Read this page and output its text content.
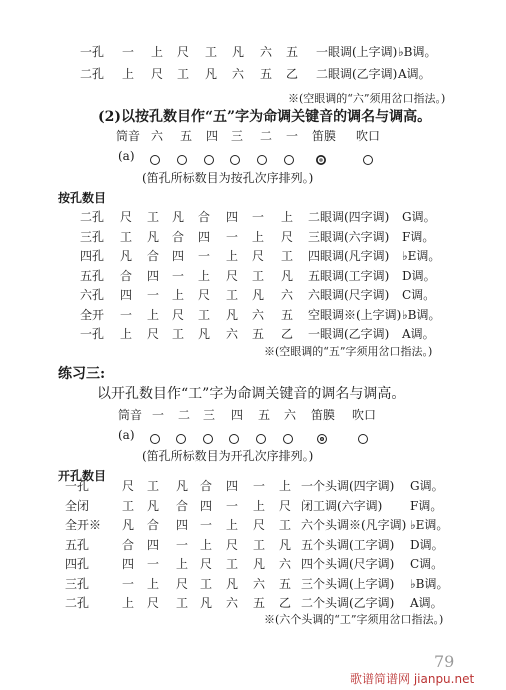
一孔 一 上 尺 工 凡 六 五 一眼调(上字调) ♭B调。
二孔 上 尺 工 凡 六 五 乙 二眼调(乙字调) A调。
※(空眼调的“六”须用岔口指法。)
(2)以按孔数目作“五”字为命调关键音的调名与调高。
筒音 六 五 四 三 二 一 笛膜 吹口
(a)
(笛孔所标数目为按孔次序排列。)
按孔数目
二孔 尺 工 凡 合 四 一 上 二眼调(四字调) G调。
三孔 工 凡 合 四 一 上 尺 三眼调(六字调) F调。
四孔 凡 合 四 一 上 尺 工 四眼调(凡字调) ♭E调。
五孔 合 四 一 上 尺 工 凡 五眼调(工字调) D调。
六孔 四 一 上 尺 工 凡 六 六眼调(尺字调) C调。
全开 一 上 尺 工 凡 六 五 空眼调※(上字调) ♭B调。
一孔 上 尺 工 凡 六 五 乙 一眼调(乙字调) A调。
※(空眼调的“五”字须用岔口指法。)
练习三:
以开孔数目作“工”字为命调关键音的调名与调高。
筒音 一 二 三 四 五 六 笛膜 吹口
(a)
(笛孔所标数目为开孔次序排列。)
开孔数目
一孔	尺 工 凡 合 四 一 上 一个头调(四字调) G调。
全闭	工 凡 合 四 一 上 尺 闭工调(六字调) F调。
全开※ 凡 合 四 一 上 尺 工 六个头调※(凡字调) ♭E调。
五孔	合 四 一 上 尺 工 凡 五个头调(工字调) D调。
四孔	四 一 上 尺 工 凡 六 四个头调(尺字调) C调。
三孔	一 上 尺 工 凡 六 五 三个头调(上字调) ♭B调。
二孔	上 尺 工 凡 六 五 乙 二个头调(乙字调) A调。
※(六个头调的“工”字须用岔口指法。)
79
歌谱简谱网 jianpu.net
